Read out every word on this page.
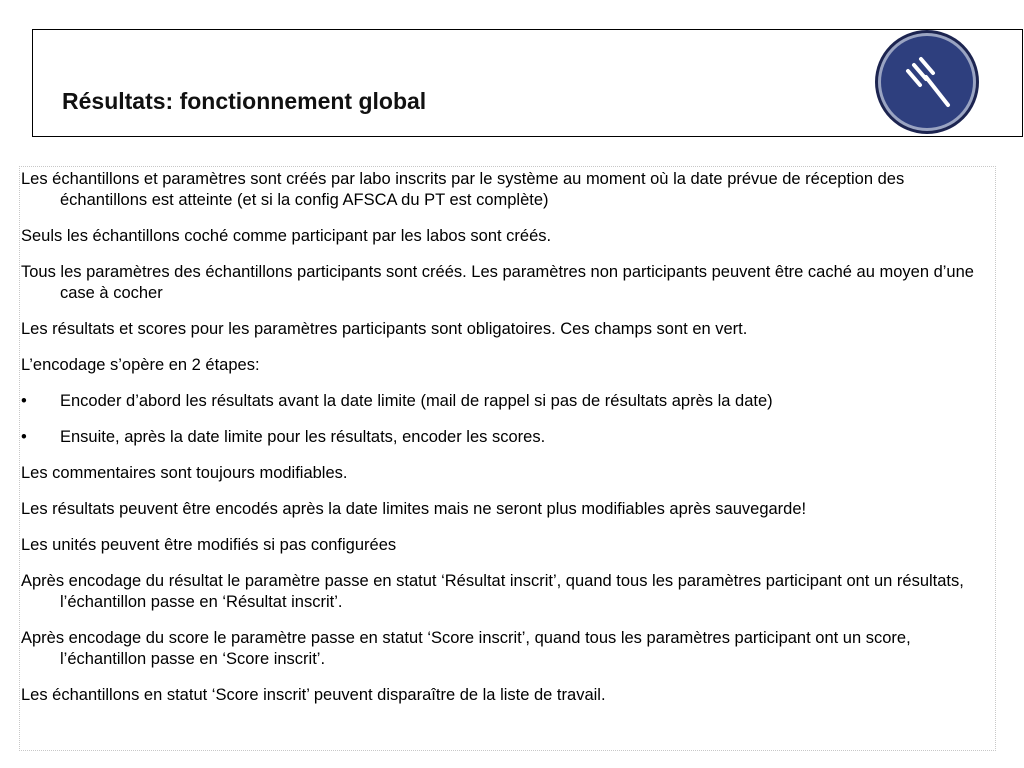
Résultats: fonctionnement global

Les échantillons et paramètres sont créés par labo inscrits par le système au moment où la date prévue de réception des échantillons est atteinte (et si la config AFSCA du PT est complète)

Seuls les échantillons coché comme participant par les labos sont créés.

Tous les paramètres des échantillons participants sont créés. Les paramètres non participants peuvent être caché au moyen d’une case à cocher

Les résultats et scores pour les paramètres participants sont obligatoires. Ces champs sont en vert.

L’encodage s’opère en 2 étapes:

• Encoder d’abord les résultats avant la date limite (mail de rappel si pas de résultats après la date)
• Ensuite, après la date limite pour les résultats, encoder les scores.

Les commentaires sont toujours modifiables.

Les résultats peuvent être encodés après la date limites mais ne seront plus modifiables après sauvegarde!

Les unités peuvent être modifiés si pas configurées

Après encodage du résultat le paramètre passe en statut ‘Résultat inscrit’, quand tous les paramètres participant ont un résultats, l’échantillon passe en ‘Résultat inscrit’.

Après encodage du score le paramètre passe en statut ‘Score inscrit’, quand tous les paramètres participant ont un score, l’échantillon passe en ‘Score inscrit’.

Les échantillons en statut ‘Score inscrit’ peuvent disparaître de la liste de travail.
